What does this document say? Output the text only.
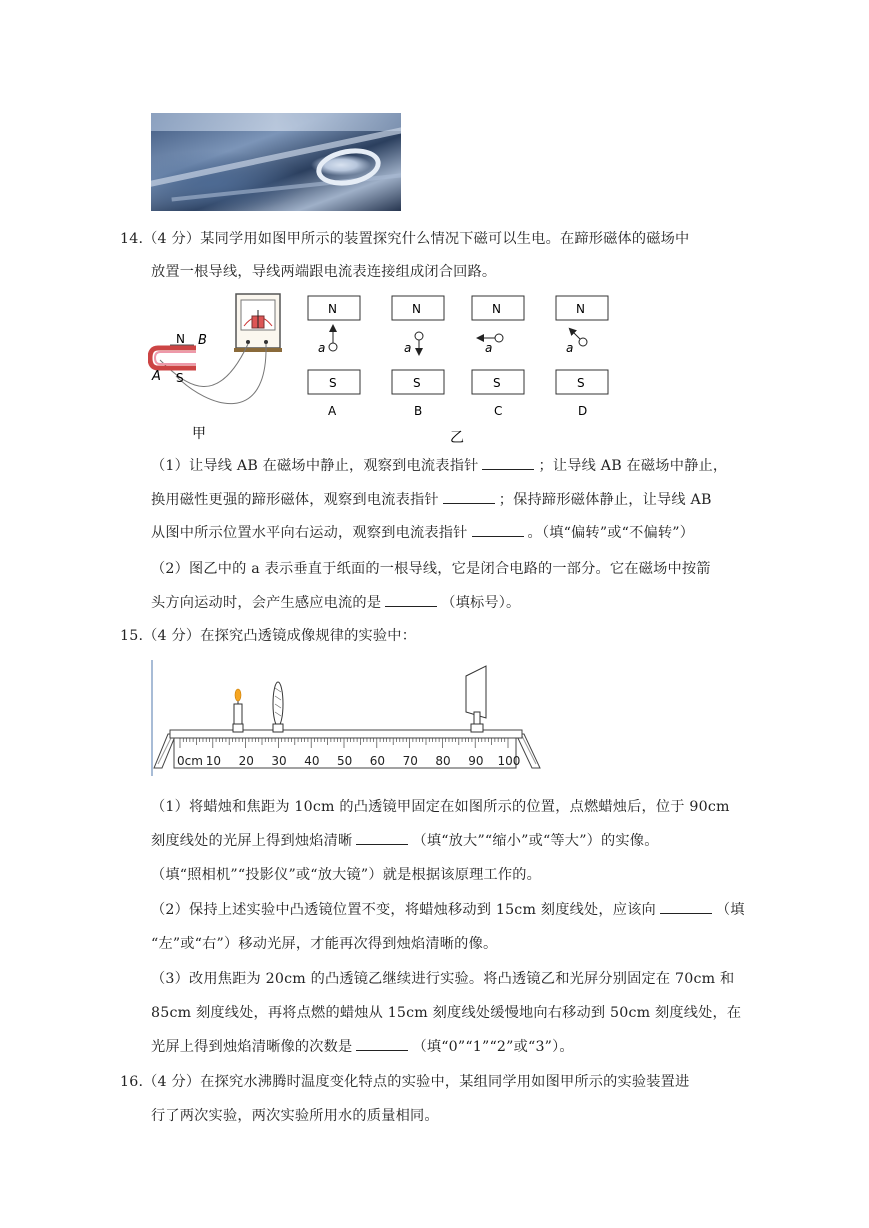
14.（4 分）某同学用如图甲所示的装置探究什么情况下磁可以生电。在蹄形磁体的磁场中
放置一根导线，导线两端跟电流表连接组成闭合回路。
N B
A S
甲
N
S
a
A
N
S
a
B
N
S
a
C
N
S
a
D
乙
（1）让导线 AB 在磁场中静止，观察到电流表指针	；让导线 AB 在磁场中静止，
换用磁性更强的蹄形磁体，观察到电流表指针	；保持蹄形磁体静止，让导线 AB
从图中所示位置水平向右运动，观察到电流表指针	。（填“偏转”或“不偏转”）
（2）图乙中的 a 表示垂直于纸面的一根导线，它是闭合电路的一部分。它在磁场中按箭
头方向运动时，会产生感应电流的是	（填标号）。
15.（4 分）在探究凸透镜成像规律的实验中：
0cm 10 20 30 40 50 60 70 80 90 100
（1）将蜡烛和焦距为 10cm 的凸透镜甲固定在如图所示的位置，点燃蜡烛后，位于 90cm
刻度线处的光屏上得到烛焰清晰	（填“放大”“缩小”或“等大”）的实像。
（填“照相机”“投影仪”或“放大镜”）就是根据该原理工作的。
（2）保持上述实验中凸透镜位置不变，将蜡烛移动到 15cm 刻度线处，应该向	（填
“左”或“右”）移动光屏，才能再次得到烛焰清晰的像。
（3）改用焦距为 20cm 的凸透镜乙继续进行实验。将凸透镜乙和光屏分别固定在 70cm 和
85cm 刻度线处，再将点燃的蜡烛从 15cm 刻度线处缓慢地向右移动到 50cm 刻度线处，在
光屏上得到烛焰清晰像的次数是	（填“0”“1”“2”或“3”）。
16.（4 分）在探究水沸腾时温度变化特点的实验中，某组同学用如图甲所示的实验装置进
行了两次实验，两次实验所用水的质量相同。
